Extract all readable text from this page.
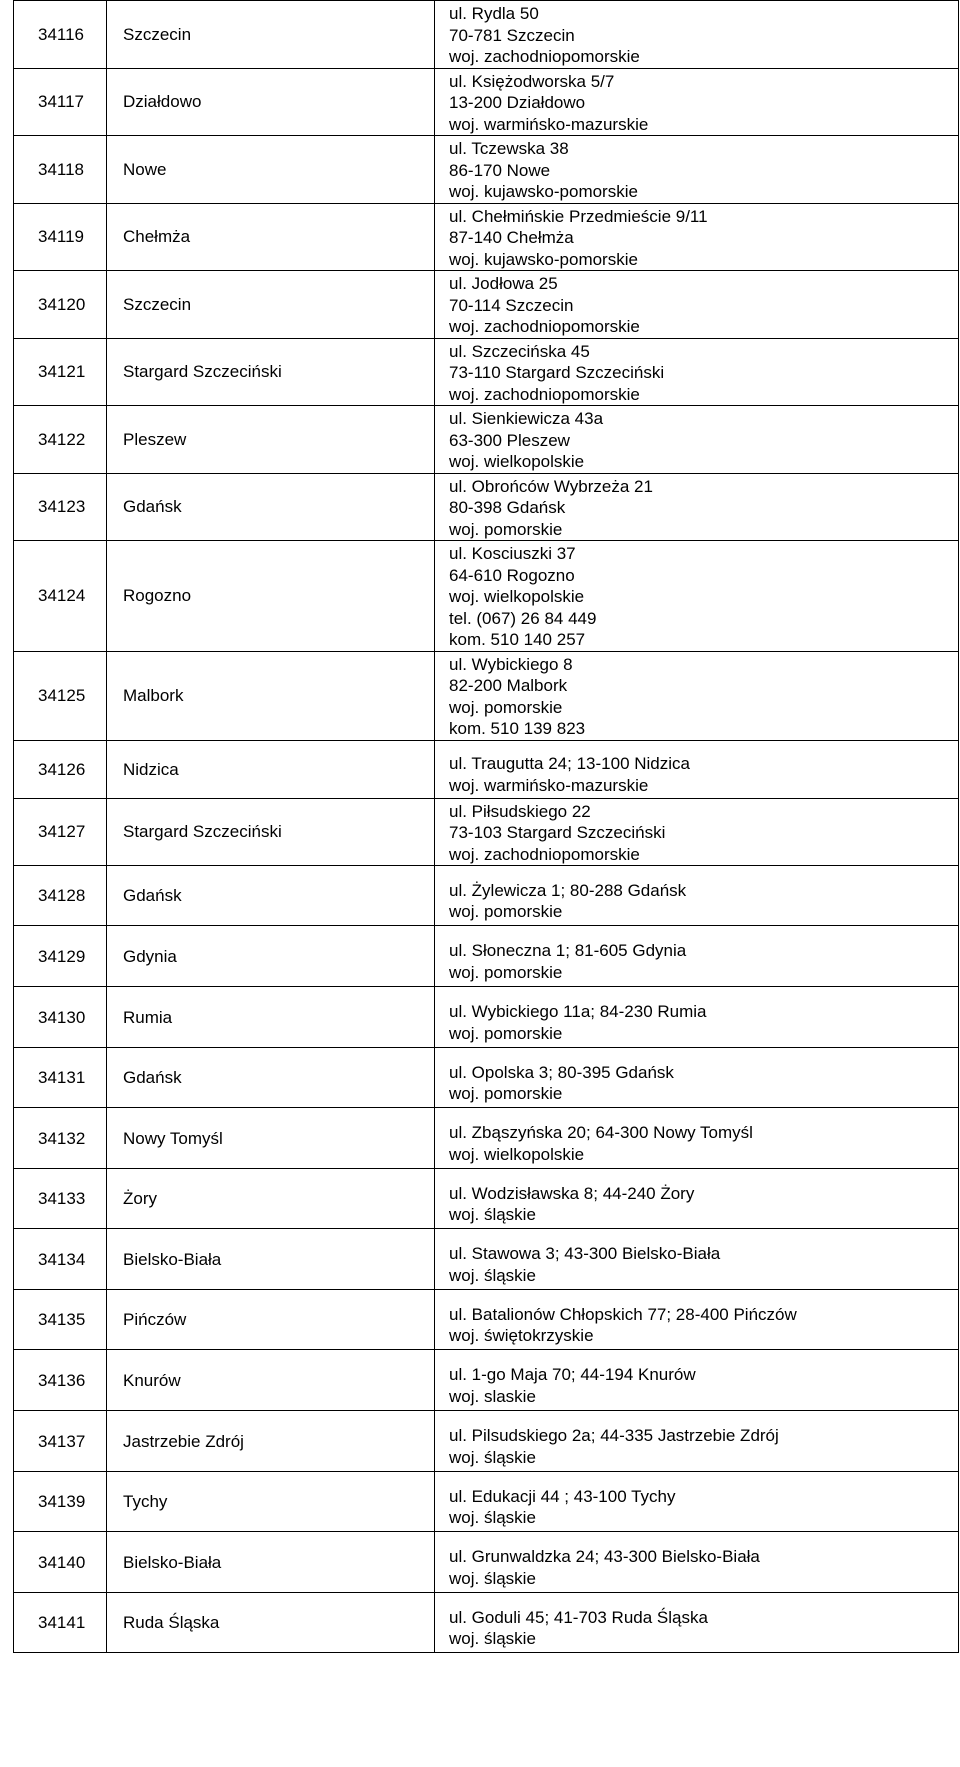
34116	Szczecin	ul. Rydla 50
70-781 Szczecin
woj. zachodniopomorskie

34117	Działdowo	ul. Księżodworska 5/7
13-200 Działdowo
woj. warmińsko-mazurskie

34118	Nowe	ul. Tczewska 38
86-170 Nowe
woj. kujawsko-pomorskie

34119	Chełmża	ul. Chełmińskie Przedmieście 9/11
87-140 Chełmża
woj. kujawsko-pomorskie

34120	Szczecin	ul. Jodłowa 25
70-114 Szczecin
woj. zachodniopomorskie

34121	Stargard Szczeciński	ul. Szczecińska 45
73-110 Stargard Szczeciński
woj. zachodniopomorskie

34122	Pleszew	ul. Sienkiewicza 43a
63-300 Pleszew
woj. wielkopolskie

34123	Gdańsk	ul. Obrońców Wybrzeża 21
80-398 Gdańsk
woj. pomorskie

34124	Rogozno	ul. Kosciuszki 37
64-610 Rogozno
woj. wielkopolskie
tel. (067) 26 84 449
kom. 510 140 257

34125	Malbork	ul. Wybickiego 8
82-200 Malbork
woj. pomorskie
kom. 510 139 823

34126	Nidzica	ul. Traugutta 24; 13-100 Nidzica
woj. warmińsko-mazurskie

34127	Stargard Szczeciński	ul. Piłsudskiego 22
73-103 Stargard Szczeciński
woj. zachodniopomorskie

34128	Gdańsk	ul. Żylewicza 1; 80-288 Gdańsk
woj. pomorskie

34129	Gdynia	ul. Słoneczna 1; 81-605 Gdynia
woj. pomorskie

34130	Rumia	ul. Wybickiego 11a; 84-230 Rumia
woj. pomorskie

34131	Gdańsk	ul. Opolska 3; 80-395 Gdańsk
woj. pomorskie

34132	Nowy Tomyśl	ul. Zbąszyńska 20; 64-300 Nowy Tomyśl
woj. wielkopolskie

34133	Żory	ul. Wodzisławska 8; 44-240 Żory
woj. śląskie

34134	Bielsko-Biała	ul. Stawowa 3; 43-300 Bielsko-Biała
woj. śląskie

34135	Pińczów	ul. Batalionów Chłopskich 77; 28-400 Pińczów
woj. świętokrzyskie

34136	Knurów	ul. 1-go Maja 70; 44-194 Knurów
woj. slaskie

34137	Jastrzebie Zdrój	ul. Pilsudskiego 2a; 44-335 Jastrzebie Zdrój
woj. śląskie

34139	Tychy	ul. Edukacji 44 ; 43-100 Tychy
woj. śląskie

34140	Bielsko-Biała	ul. Grunwaldzka 24; 43-300 Bielsko-Biała
woj. śląskie

34141	Ruda Śląska	ul. Goduli 45; 41-703 Ruda Śląska
woj. śląskie
